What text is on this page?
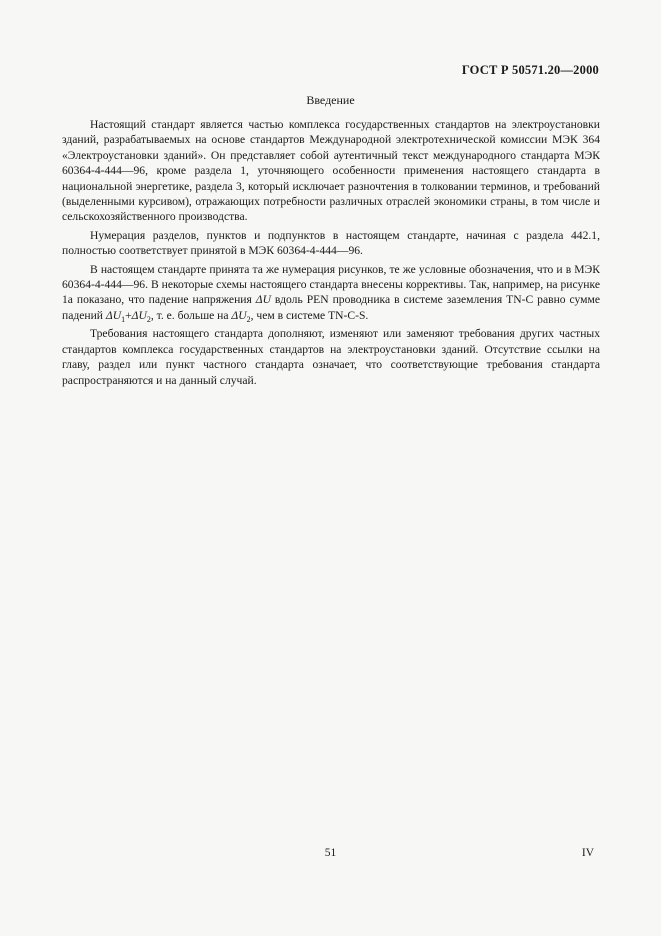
ГОСТ Р 50571.20—2000
Введение

Настоящий стандарт является частью комплекса государственных стандартов на электроустановки зданий, разрабатываемых на основе стандартов Международной электротехнической комиссии МЭК 364 «Электроустановки зданий». Он представляет собой аутентичный текст международного стандарта МЭК 60364-4-444—96, кроме раздела 1, уточняющего особенности применения настоящего стандарта в национальной энергетике, раздела 3, который исключает разночтения в толковании терминов, и требований (выделенными курсивом), отражающих потребности различных отраслей экономики страны, в том числе и сельскохозяйственного производства.

Нумерация разделов, пунктов и подпунктов в настоящем стандарте, начиная с раздела 442.1, полностью соответствует принятой в МЭК 60364-4-444—96.

В настоящем стандарте принята та же нумерация рисунков, те же условные обозначения, что и в МЭК 60364-4-444—96. В некоторые схемы настоящего стандарта внесены коррективы. Так, например, на рисунке 1а показано, что падение напряжения ΔU вдоль PEN проводника в системе заземления TN-C равно сумме падений $\Delta U_1+\Delta U_2$, т. е. больше на $\Delta U_2$, чем в системе TN-C-S.

Требования настоящего стандарта дополняют, изменяют или заменяют требования других частных стандартов комплекса государственных стандартов на электроустановки зданий. Отсутствие ссылки на главу, раздел или пункт частного стандарта означает, что соответствующие требования стандарта распространяются и на данный случай.

51	IV
